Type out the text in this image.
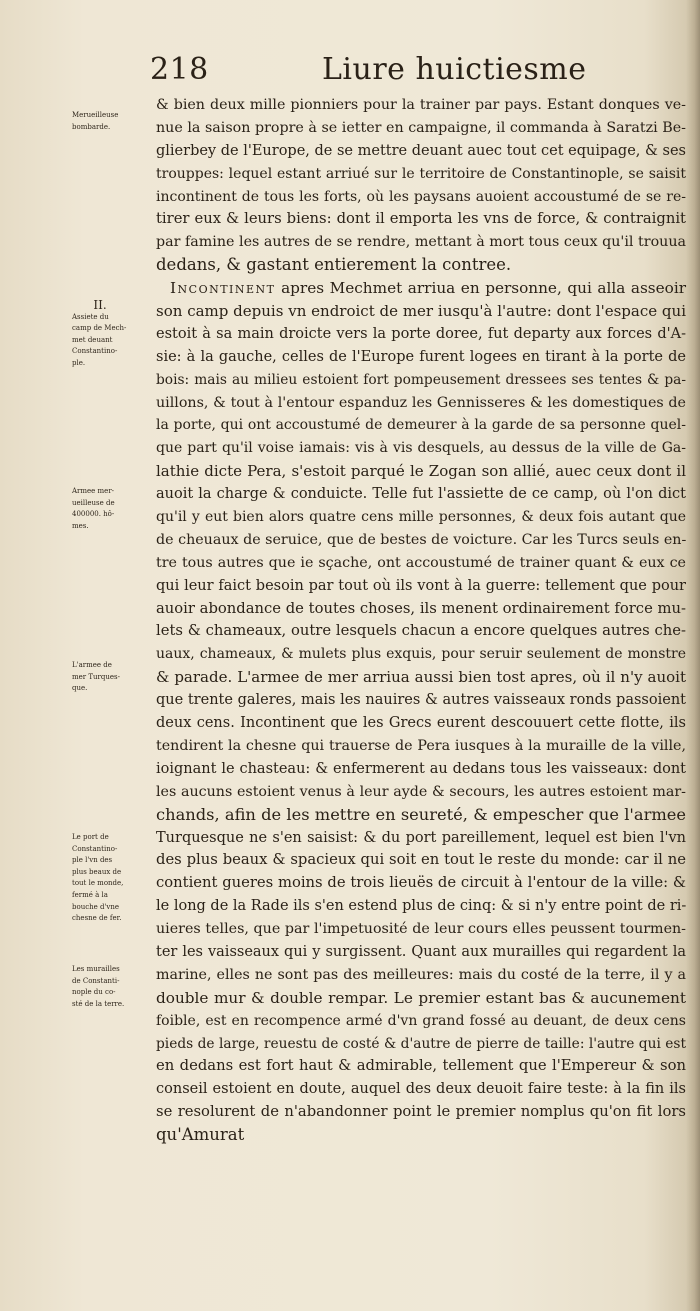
218	Liure huictiesme
Merueilleuse
bombarde.
II.
Assiete du
camp de Mech-
met deuant
Constantino-
ple.
Armee mer-
ueilleuse de
400000. hô-
mes.
L'armee de
mer Turques-
que.
Le port de
Constantino-
ple l'vn des
plus beaux de
tout le monde,
fermé à la
bouche d'vne
chesne de fer.
Les murailles
de Constanti-
nople du co-
sté de la terre.
& bien deux mille pionniers pour la trainer par pays. Estant donques ve-
nue la saison propre à se ietter en campaigne, il commanda à Saratzi Be-
glierbey de l'Europe, de se mettre deuant auec tout cet equipage, & ses
trouppes: lequel estant arriué sur le territoire de Constantinople, se saisit
incontinent de tous les forts, où les paysans auoient accoustumé de se re-
tirer eux & leurs biens: dont il emporta les vns de force, & contraignit
par famine les autres de se rendre, mettant à mort tous ceux qu'il trouua
dedans, & gastant entierement la contree.
Incontinent apres Mechmet arriua en personne, qui alla asseoir
son camp depuis vn endroict de mer iusqu'à l'autre: dont l'espace qui
estoit à sa main droicte vers la porte doree, fut departy aux forces d'A-
sie: à la gauche, celles de l'Europe furent logees en tirant à la porte de
bois: mais au milieu estoient fort pompeusement dressees ses tentes & pa-
uillons, & tout à l'entour espanduz les Gennisseres & les domestiques de
la porte, qui ont accoustumé de demeurer à la garde de sa personne quel-
que part qu'il voise iamais: vis à vis desquels, au dessus de la ville de Ga-
lathie dicte Pera, s'estoit parqué le Zogan son allié, auec ceux dont il
auoit la charge & conduicte. Telle fut l'assiette de ce camp, où l'on dict
qu'il y eut bien alors quatre cens mille personnes, & deux fois autant que
de cheuaux de seruice, que de bestes de voicture. Car les Turcs seuls en-
tre tous autres que ie sçache, ont accoustumé de trainer quant & eux ce
qui leur faict besoin par tout où ils vont à la guerre: tellement que pour
auoir abondance de toutes choses, ils menent ordinairement force mu-
lets & chameaux, outre lesquels chacun a encore quelques autres che-
uaux, chameaux, & mulets plus exquis, pour seruir seulement de monstre
& parade. L'armee de mer arriua aussi bien tost apres, où il n'y auoit
que trente galeres, mais les nauires & autres vaisseaux ronds passoient
deux cens. Incontinent que les Grecs eurent descouuert cette flotte, ils
tendirent la chesne qui trauerse de Pera iusques à la muraille de la ville,
ioignant le chasteau: & enfermerent au dedans tous les vaisseaux: dont
les aucuns estoient venus à leur ayde & secours, les autres estoient mar-
chands, afin de les mettre en seureté, & empescher que l'armee
Turquesque ne s'en saisist: & du port pareillement, lequel est bien l'vn
des plus beaux & spacieux qui soit en tout le reste du monde: car il ne
contient gueres moins de trois lieuës de circuit à l'entour de la ville: &
le long de la Rade ils s'en estend plus de cinq: & si n'y entre point de ri-
uieres telles, que par l'impetuosité de leur cours elles peussent tourmen-
ter les vaisseaux qui y surgissent. Quant aux murailles qui regardent la
marine, elles ne sont pas des meilleures: mais du costé de la terre, il y a
double mur & double rempar. Le premier estant bas & aucunement
foible, est en recompence armé d'vn grand fossé au deuant, de deux cens
pieds de large, reuestu de costé & d'autre de pierre de taille: l'autre qui est
en dedans est fort haut & admirable, tellement que l'Empereur & son
conseil estoient en doute, auquel des deux deuoit faire teste: à la fin ils
se resolurent de n'abandonner point le premier nomplus qu'on fit lors
qu'Amurat
